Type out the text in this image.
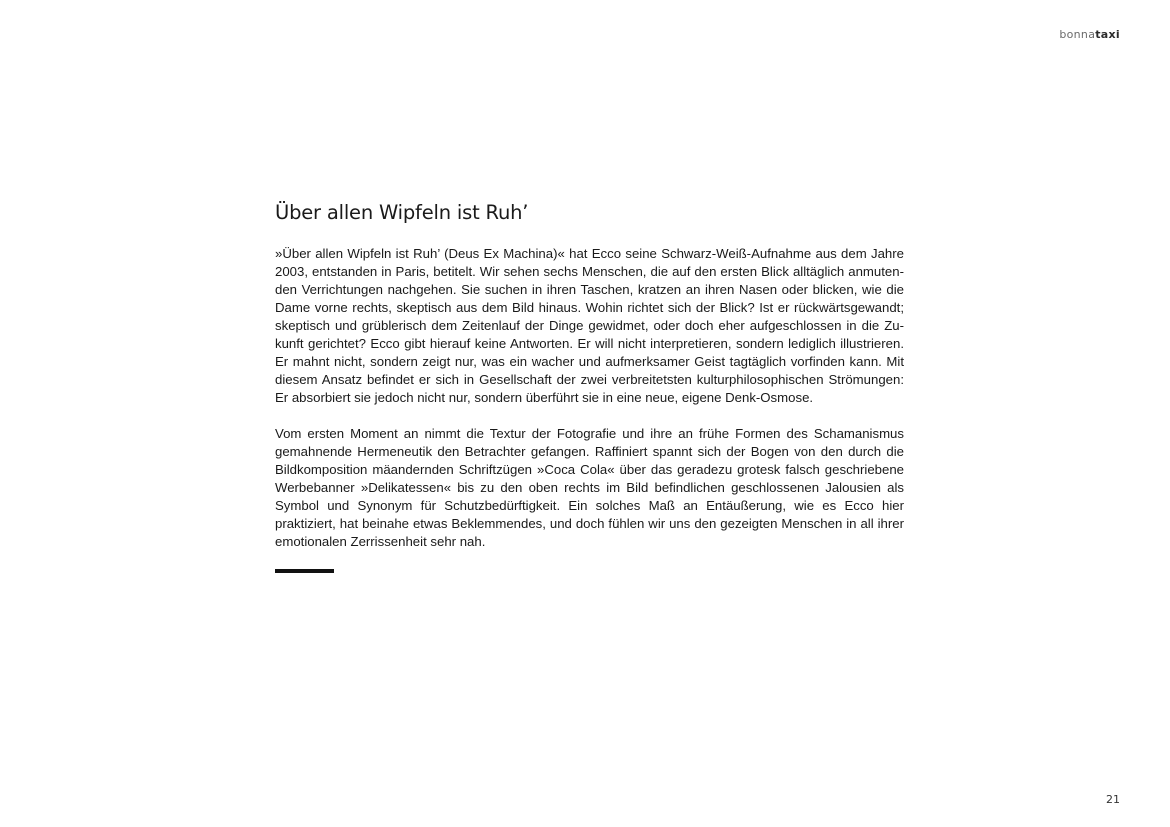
bonnataxi
Über allen Wipfeln ist Ruh’

»Über allen Wipfeln ist Ruh’ (Deus Ex Machina)« hat Ecco seine Schwarz-Weiß-Aufnahme aus dem Jahre 2003, entstanden in Paris, betitelt. Wir sehen sechs Menschen, die auf den ersten Blick alltäglich anmutenden Verrichtungen nachgehen. Sie suchen in ihren Taschen, kratzen an ihren Nasen oder blicken, wie die Dame vorne rechts, skeptisch aus dem Bild hinaus. Wohin richtet sich der Blick? Ist er rückwärtsgewandt; skeptisch und grüblerisch dem Zeitenlauf der Dinge gewidmet, oder doch eher aufgeschlossen in die Zukunft gerichtet? Ecco gibt hierauf keine Antworten. Er will nicht interpretieren, sondern lediglich illustrieren. Er mahnt nicht, sondern zeigt nur, was ein wacher und aufmerksamer Geist tagtäglich vorfinden kann. Mit diesem Ansatz befindet er sich in Gesellschaft der zwei verbreitetsten kulturphilosophischen Strömungen: Er absorbiert sie jedoch nicht nur, sondern überführt sie in eine neue, eigene Denk-Osmose.

Vom ersten Moment an nimmt die Textur der Fotografie und ihre an frühe Formen des Schamanismus gemahnende Hermeneutik den Betrachter gefangen. Raffiniert spannt sich der Bogen von den durch die Bildkomposition mäandernden Schriftzügen »Coca Cola« über das geradezu grotesk falsch geschriebene Werbebanner »Delikatessen« bis zu den oben rechts im Bild befindlichen geschlossenen Jalousien als Symbol und Synonym für Schutzbedürftigkeit. Ein solches Maß an Entäußerung, wie es Ecco hier praktiziert, hat beinahe etwas Beklemmendes, und doch fühlen wir uns den gezeigten Menschen in all ihrer emotionalen Zerrissenheit sehr nah.

21
